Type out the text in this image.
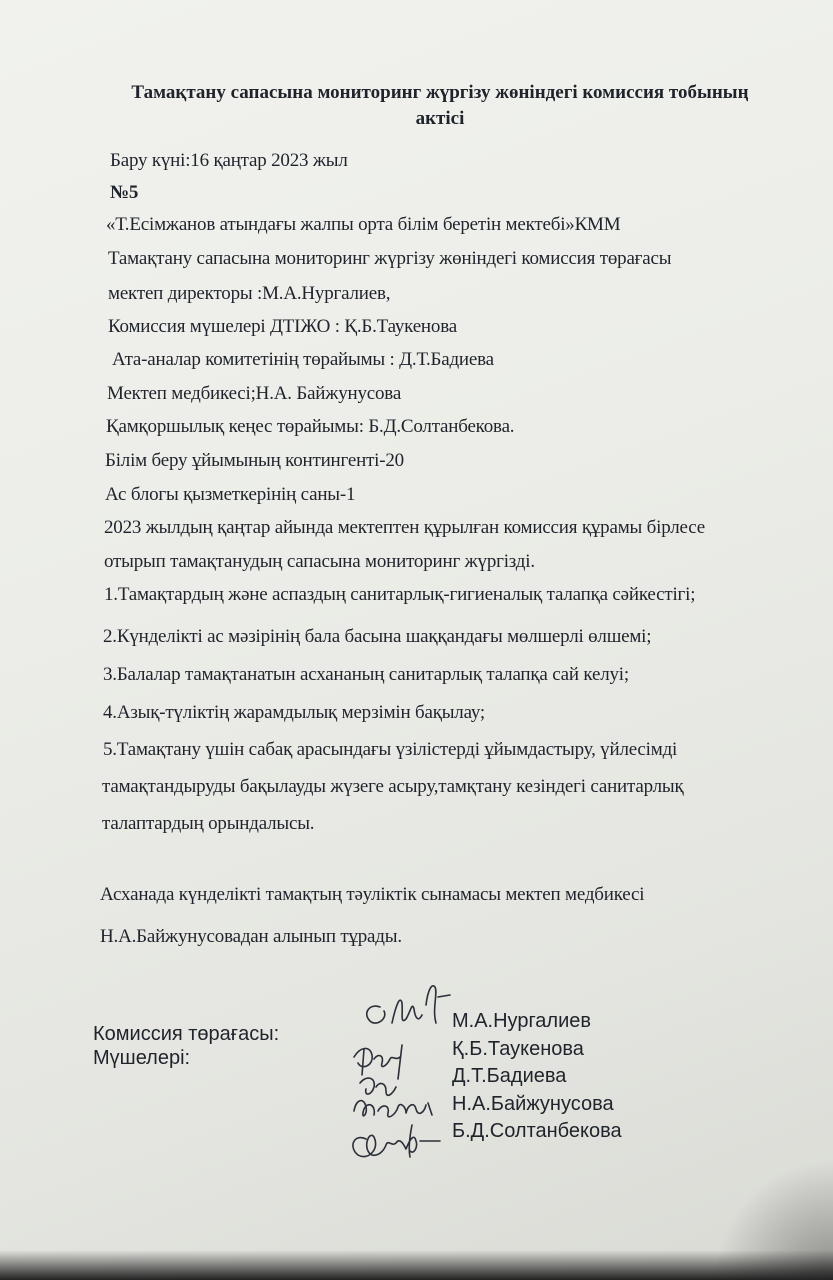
Тамақтану сапасына мониторинг жүргізу жөніндегі комиссия тобының
актісі
Бару күні:16 қаңтар 2023 жыл
№5
«Т.Есімжанов атындағы жалпы орта білім беретін мектебі»КММ
Тамақтану сапасына мониторинг жүргізу жөніндегі комиссия төрағасы
мектеп директоры :М.А.Нургалиев,
Комиссия мүшелері ДТІЖО : Қ.Б.Таукенова
Ата-аналар комитетінің төрайымы : Д.Т.Бадиева
Мектеп медбикесі;Н.А. Байжунусова
Қамқоршылық кеңес төрайымы: Б.Д.Солтанбекова.
Білім беру ұйымының контингенті-20
Ас блогы қызметкерінің саны-1
2023 жылдың қаңтар айында мектептен құрылған комиссия құрамы бірлесе
отырып тамақтанудың сапасына мониторинг жүргізді.
1.Тамақтардың және аспаздың санитарлық-гигиеналық талапқа сәйкестігі;
2.Күнделікті ас мәзірінің бала басына шаққандағы мөлшерлі өлшемі;
3.Балалар тамақтанатын асхананың санитарлық талапқа сай келуі;
4.Азық-түліктің жарамдылық мерзімін бақылау;
5.Тамақтану үшін сабақ арасындағы үзілістерді ұйымдастыру, үйлесімді
тамақтандыруды бақылауды жүзеге асыру,тамқтану кезіндегі санитарлық
талаптардың орындалысы.
Асханада күнделікті тамақтың тәуліктік сынамасы мектеп медбикесі
Н.А.Байжунусовадан алынып тұрады.
Комиссия төрағасы:
Мүшелері:
М.А.Нургалиев
Қ.Б.Таукенова
Д.Т.Бадиева
Н.А.Байжунусова
Б.Д.Солтанбекова
